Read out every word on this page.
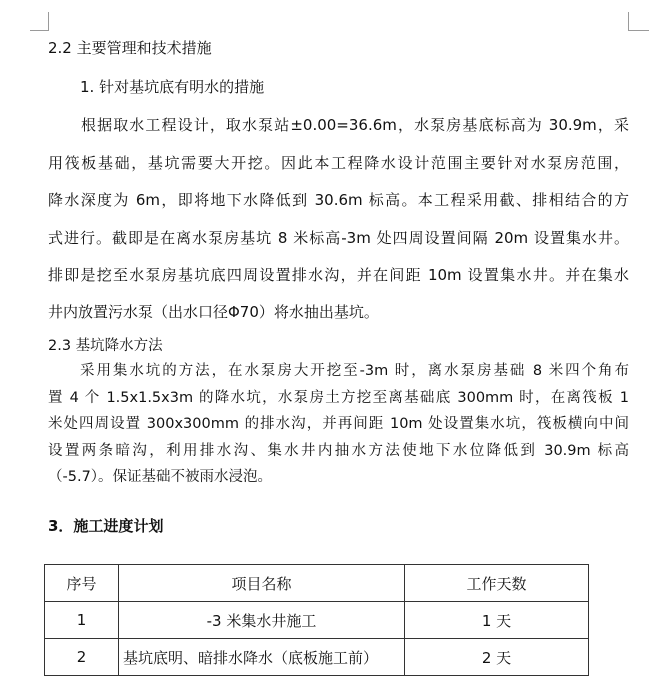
2.2 主要管理和技术措施
1. 针对基坑底有明水的措施
根据取水工程设计，取水泵站±0.00=36.6m，水泵房基底标高为 30.9m，采
用筏板基础，基坑需要大开挖。因此本工程降水设计范围主要针对水泵房范围，
降水深度为 6m，即将地下水降低到 30.6m 标高。本工程采用截、排相结合的方
式进行。截即是在离水泵房基坑 8 米标高-3m 处四周设置间隔 20m 设置集水井。
排即是挖至水泵房基坑底四周设置排水沟，并在间距 10m 设置集水井。并在集水
井内放置污水泵（出水口径Φ70）将水抽出基坑。
2.3 基坑降水方法
采用集水坑的方法，在水泵房大开挖至-3m 时，离水泵房基础 8 米四个角布
置 4 个 1.5x1.5x3m 的降水坑，水泵房土方挖至离基础底 300mm 时，在离筏板 1
米处四周设置 300x300mm 的排水沟，并再间距 10m 处设置集水坑，筏板横向中间
设置两条暗沟，利用排水沟、集水井内抽水方法使地下水位降低到 30.9m 标高
（-5.7）。保证基础不被雨水浸泡。
3．施工进度计划
序号	项目名称	工作天数
1	-3 米集水井施工	1 天
2	基坑底明、暗排水降水（底板施工前）	2 天
